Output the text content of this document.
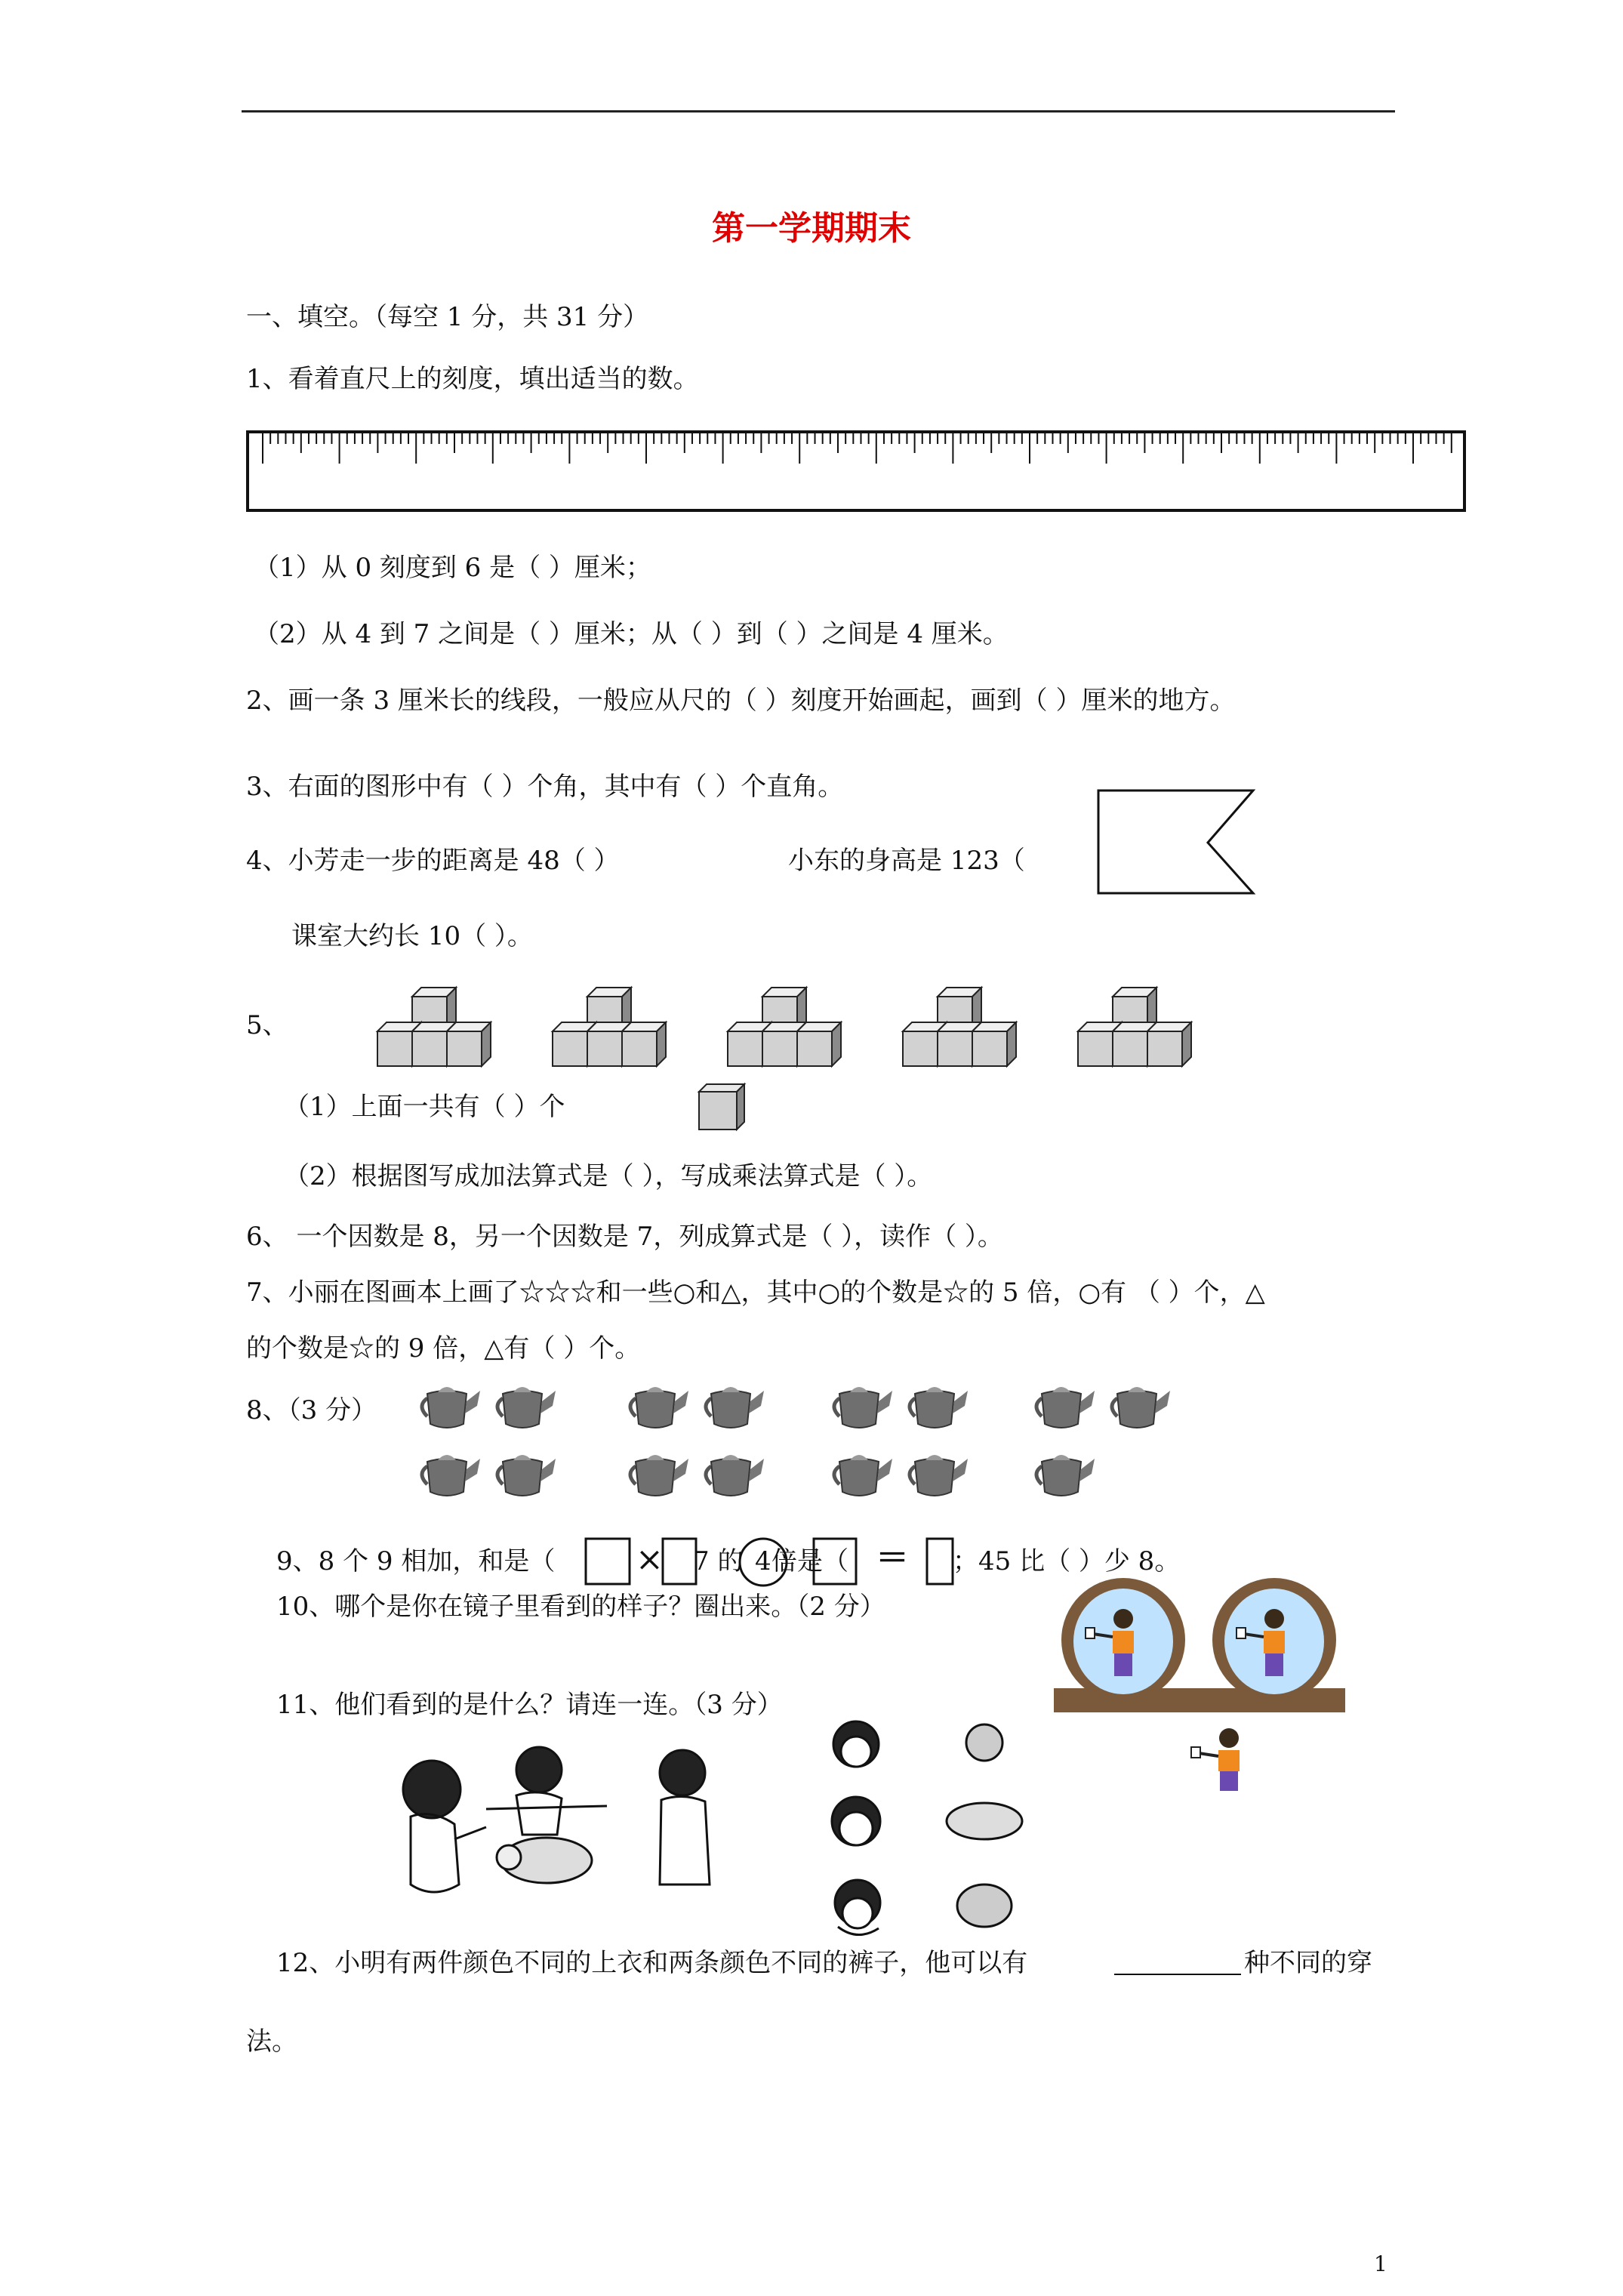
第一学期期末
一、填空。（每空 1 分，共 31 分）
1、看着直尺上的刻度，填出适当的数。
（1）从 0 刻度到 6 是（ ）厘米；
（2）从 4 到 7 之间是（ ）厘米；从（ ）到（ ）之间是 4 厘米。
2、画一条 3 厘米长的线段，一般应从尺的（ ）刻度开始画起，画到（ ）厘米的地方。
3、右面的图形中有（ ）个角，其中有（ ）个直角。
4、小芳走一步的距离是 48（ ）	小东的身高是 123（
课室大约长 10（ ）。
5、
（1）上面一共有（ ）个
（2）根据图写成加法算式是（ ），写成乘法算式是（ ）。
6、 一个因数是 8，另一个因数是 7，列成算式是（ ），读作（ ）。
7、小丽在图画本上画了☆☆☆和一些○和△，其中○的个数是☆的 5 倍，○有 （ ）个，△
的个数是☆的 9 倍，△有（ ）个。
8、（3 分）
9、8 个 9 相加，和是（ × 7 的 4 倍是（ ＝ ；45 比（ ）少 8。
10、哪个是你在镜子里看到的样子？圈出来。（2 分）
11、他们看到的是什么？请连一连。（3 分）
12、小明有两件颜色不同的上衣和两条颜色不同的裤子，他可以有	种不同的穿
法。
1
